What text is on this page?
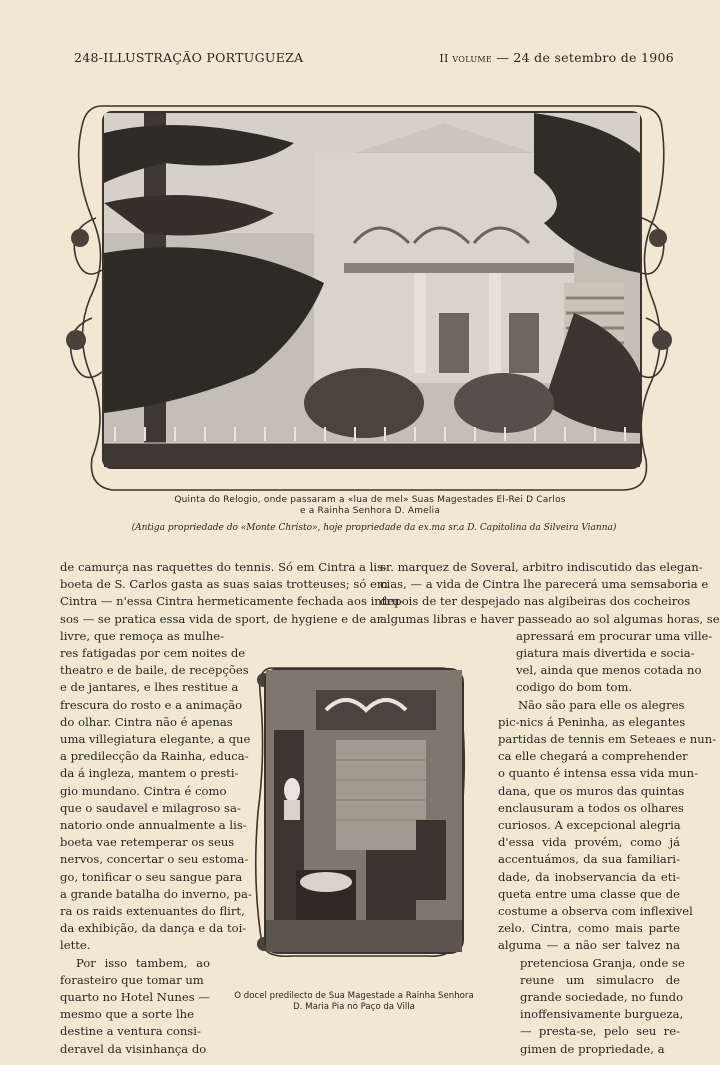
248-ILLUSTRAÇÃO PORTUGUEZA	II volume — 24 de setembro de 1906
Quinta do Relogio, onde passaram a «lua de mel» Suas Magestades El-Rei D Carlos
e a Rainha Senhora D. Amelia
(Antiga propriedade do «Monte Christo», hoje propriedade da ex.ma sr.a D. Capitolina da Silveira Vianna)
de camurça nas raquettes do tennis. Só em Cintra a lis-
boeta de S. Carlos gasta as suas saias trotteuses; só em
Cintra — n'essa Cintra hermeticamente fechada aos intru-
sos — se pratica essa vida de sport, de hygiene e de ar
livre, que remoça as mulhe-
res fatigadas por cem noites de
theatro e de baile, de recepções
e de jantares, e lhes restitue a
frescura do rosto e a animação
do olhar. Cintra não é apenas
uma villegiatura elegante, a que
a predilecção da Rainha, educa-
da á ingleza, mantem o presti-
gio mundano. Cintra é como
que o saudavel e milagroso sa-
natorio onde annualmente a lis-
boeta vae retemperar os seus
nervos, concertar o seu estoma-
go, tonificar o seu sangue para
a grande batalha do inverno, pa-
ra os raids extenuantes do flirt,
da exhibição, da dança e da toi-
lette.
Por isso tambem, ao
forasteiro que tomar um
quarto no Hotel Nunes —
mesmo que a sorte lhe
destine a ventura consi-
deravel da visinhança do
sr. marquez de Soveral, arbitro indiscutido das elegan-
cias, — a vida de Cintra lhe parecerá uma semsaboria e
depois de ter despejado nas algibeiras dos cocheiros
algumas libras e haver passeado ao sol algumas horas, se
apressará em procurar uma ville-
giatura mais divertida e socia-
vel, ainda que menos cotada no
codigo do bom tom.
Não são para elle os alegres
pic-nics á Peninha, as elegantes
partidas de tennis em Seteaes e nun-
ca elle chegará a comprehender
o quanto é intensa essa vida mun-
dana, que os muros das quintas
enclausuram a todos os olhares
curiosos. A excepcional alegria
d'essa vida provém, como já
accentuámos, da sua familiari-
dade, da inobservancia da eti-
queta entre uma classe que de
costume a observa com inflexivel
zelo. Cintra, como mais parte
alguma — a não ser talvez na
pretenciosa Granja, onde se
reune um simulacro de
grande sociedade, no fundo
inoffensivamente burgueza,
— presta-se, pelo seu re-
gimen de propriedade, a
O docel predilecto de Sua Magestade a Rainha Senhora
D. Maria Pia no Paço da Villa
